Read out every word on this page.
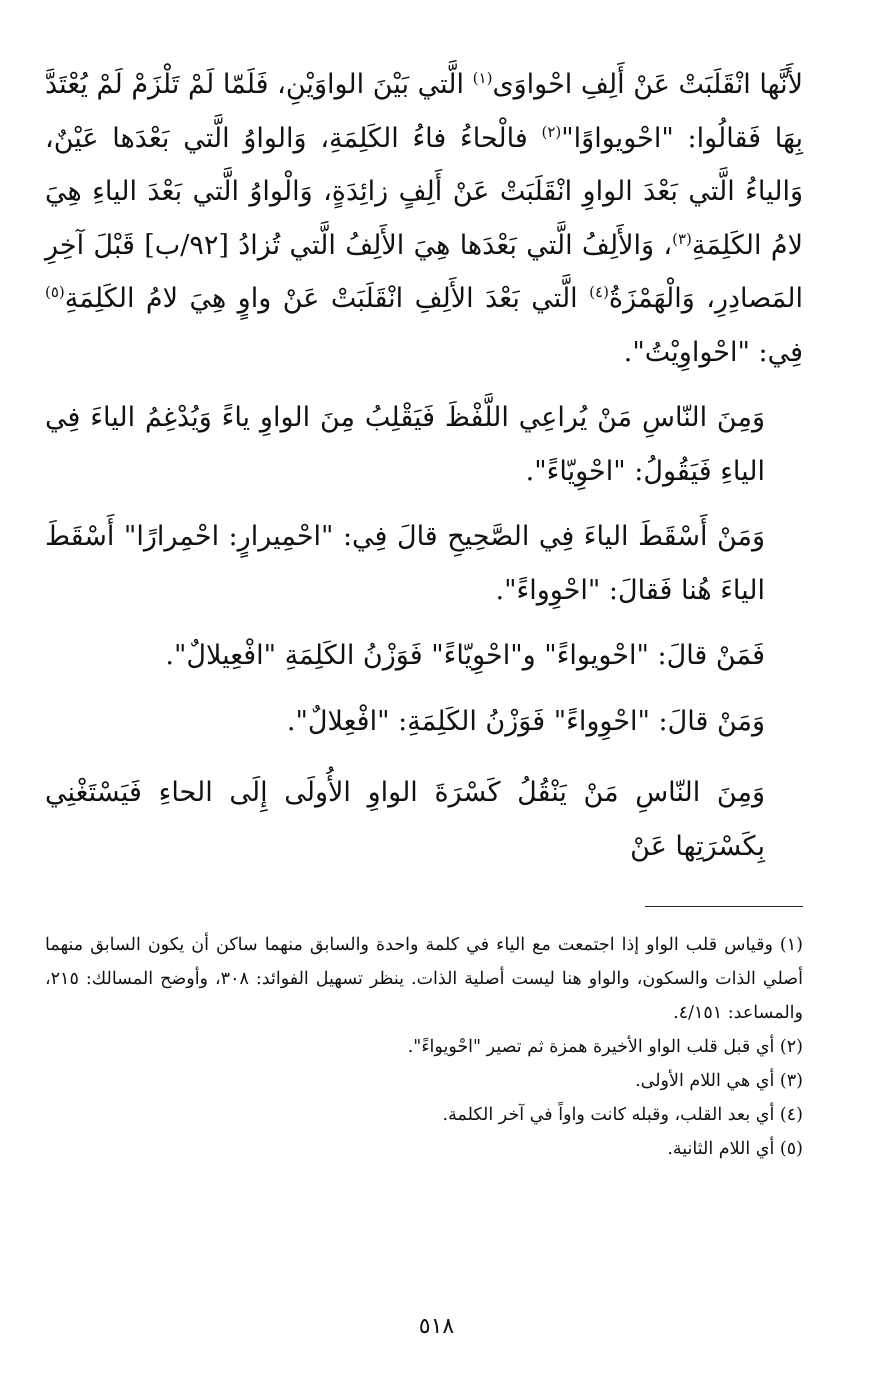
لأَنَّها انْقَلَبَتْ عَنْ أَلِفِ احْواوَى$^{(١)}$ الَّتي بَيْنَ الواوَيْنِ، فَلَمّا لَمْ تَلْزَمْ لَمْ يُعْتَدَّ بِهَا فَقالُوا: "احْويواوًا"$^{(٢)}$ فالْحاءُ فاءُ الكَلِمَةِ، وَالواوُ الَّتي بَعْدَها عَيْنٌ، وَالياءُ الَّتي بَعْدَ الواوِ انْقَلَبَتْ عَنْ أَلِفٍ زائِدَةٍ، وَالْواوُ الَّتي بَعْدَ الياءِ هِيَ لامُ الكَلِمَةِ$^{(٣)}$، وَالأَلِفُ الَّتي بَعْدَها هِيَ الأَلِفُ الَّتي تُزادُ [٩٢/ب] قَبْلَ آخِرِ المَصادِرِ، وَالْهَمْزَةُ$^{(٤)}$ الَّتي بَعْدَ الأَلِفِ انْقَلَبَتْ عَنْ واوٍ هِيَ لامُ الكَلِمَةِ$^{(٥)}$ فِي: "احْواوِيْتُ".

وَمِنَ النّاسِ مَنْ يُراعِي اللَّفْظَ فَيَقْلِبُ مِنَ الواوِ ياءً وَيُدْغِمُ الياءَ فِي الياءِ فَيَقُولُ: "احْوِيّاءً".

وَمَنْ أَسْقَطَ الياءَ فِي الصَّحِيحِ قالَ فِي: "احْمِيرارٍ: احْمِرارًا" أَسْقَطَ الياءَ هُنا فَقالَ: "احْوِواءً".

فَمَنْ قالَ: "احْويواءً" و"احْوِيّاءً" فَوَزْنُ الكَلِمَةِ "افْعِيلالٌ".

وَمَنْ قالَ: "احْوِواءً" فَوَزْنُ الكَلِمَةِ: "افْعِلالٌ".

وَمِنَ النّاسِ مَنْ يَنْقُلُ كَسْرَةَ الواوِ الأُولَى إِلَى الحاءِ فَيَسْتَغْنِي بِكَسْرَتِها عَنْ

(١) وقياس قلب الواو إذا اجتمعت مع الياء في كلمة واحدة والسابق منهما ساكن أن يكون السابق منهما أصلي الذات والسكون، والواو هنا ليست أصلية الذات. ينظر تسهيل الفوائد: ٣٠٨، وأوضح المسالك: ٢١٥، والمساعد: ٤/١٥١.

(٢) أي قبل قلب الواو الأخيرة همزة ثم تصير "احْويواءً".

(٣) أي هي اللام الأولى.

(٤) أي بعد القلب، وقبله كانت واواً في آخر الكلمة.

(٥) أي اللام الثانية.

٥١٨
